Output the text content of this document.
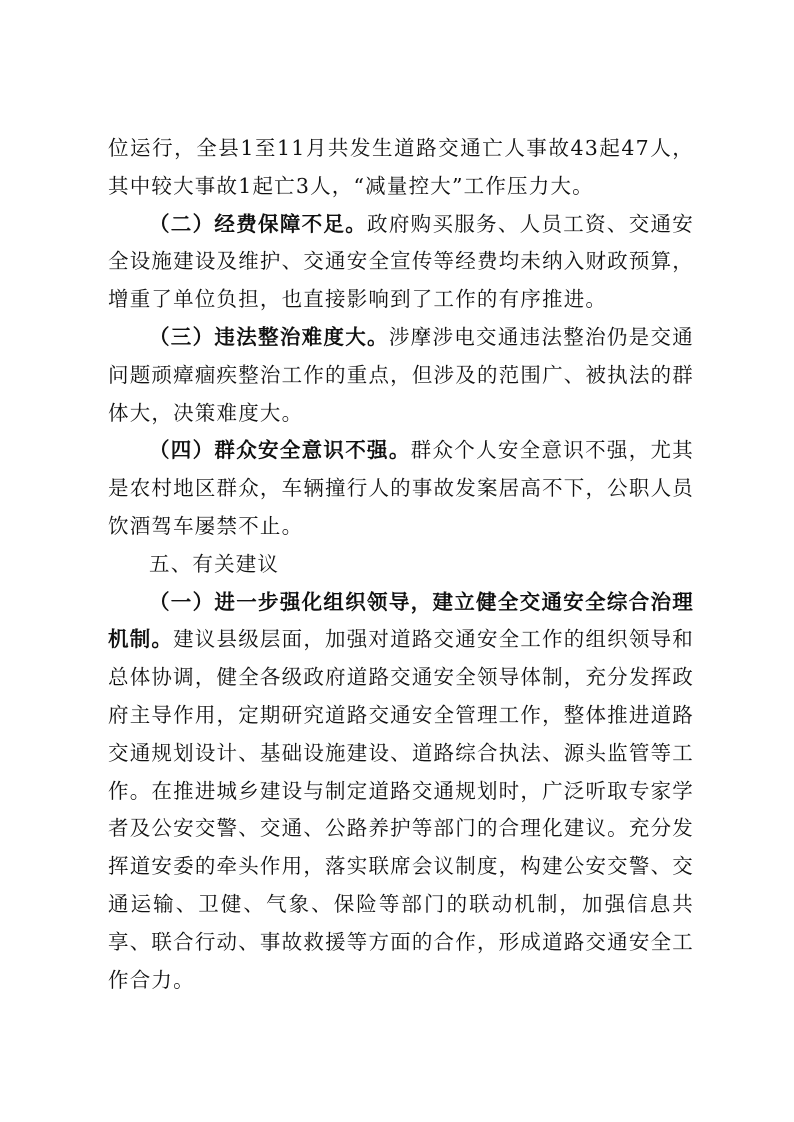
位运行，全县1至11月共发生道路交通亡人事故43起47人，其中较大事故1起亡3人，“减量控大”工作压力大。

（二）经费保障不足。政府购买服务、人员工资、交通安全设施建设及维护、交通安全宣传等经费均未纳入财政预算，增重了单位负担，也直接影响到了工作的有序推进。

（三）违法整治难度大。涉摩涉电交通违法整治仍是交通问题顽瘴痼疾整治工作的重点，但涉及的范围广、被执法的群体大，决策难度大。

（四）群众安全意识不强。群众个人安全意识不强，尤其是农村地区群众，车辆撞行人的事故发案居高不下，公职人员饮酒驾车屡禁不止。

五、有关建议

（一）进一步强化组织领导，建立健全交通安全综合治理机制。建议县级层面，加强对道路交通安全工作的组织领导和总体协调，健全各级政府道路交通安全领导体制，充分发挥政府主导作用，定期研究道路交通安全管理工作，整体推进道路交通规划设计、基础设施建设、道路综合执法、源头监管等工作。在推进城乡建设与制定道路交通规划时，广泛听取专家学者及公安交警、交通、公路养护等部门的合理化建议。充分发挥道安委的牵头作用，落实联席会议制度，构建公安交警、交通运输、卫健、气象、保险等部门的联动机制，加强信息共享、联合行动、事故救援等方面的合作，形成道路交通安全工作合力。
